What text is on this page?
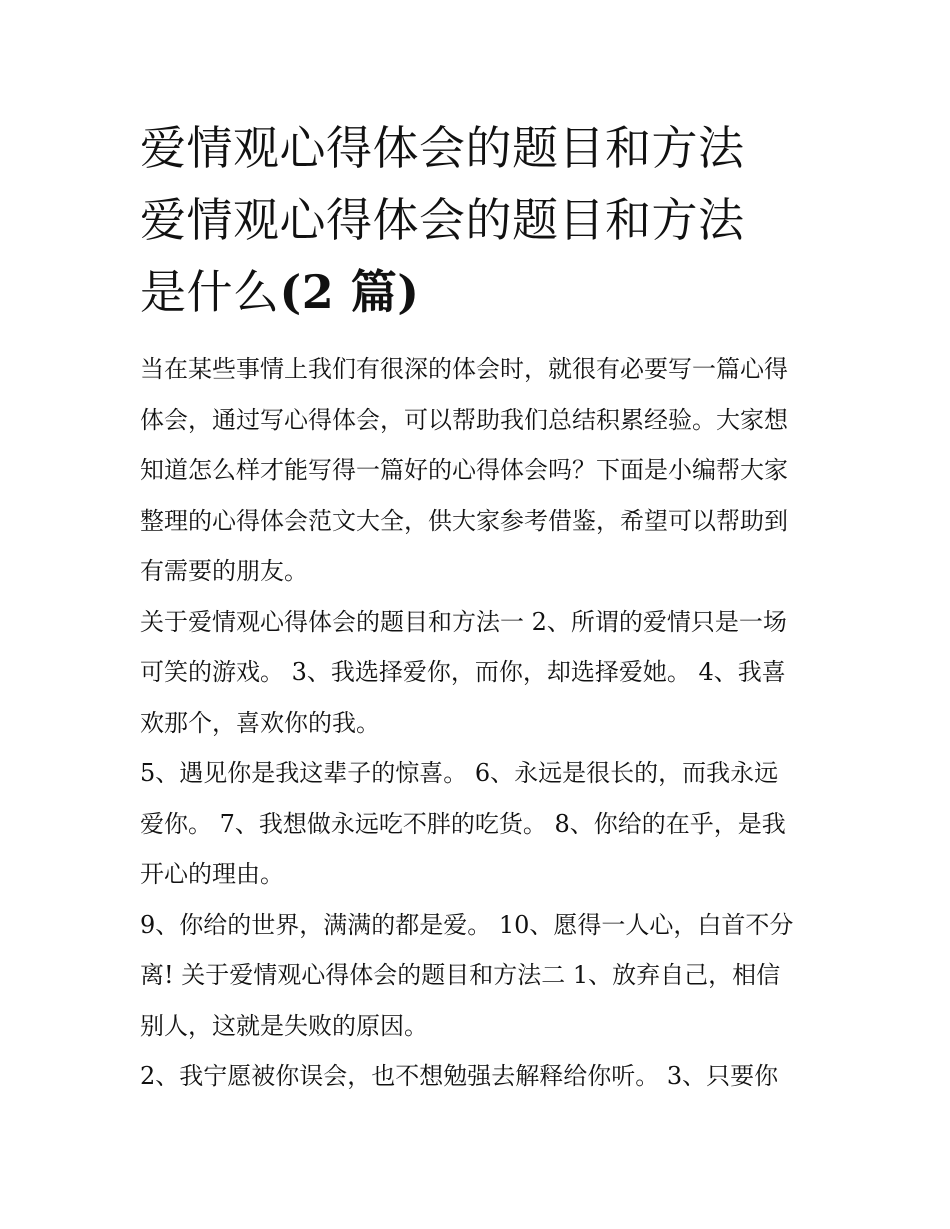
爱情观心得体会的题目和方法
爱情观心得体会的题目和方法
是什么(2 篇)

当在某些事情上我们有很深的体会时，就很有必要写一篇心得
体会，通过写心得体会，可以帮助我们总结积累经验。大家想
知道怎么样才能写得一篇好的心得体会吗？下面是小编帮大家
整理的心得体会范文大全，供大家参考借鉴，希望可以帮助到
有需要的朋友。

关于爱情观心得体会的题目和方法一 2、所谓的爱情只是一场
可笑的游戏。 3、我选择爱你，而你，却选择爱她。 4、我喜
欢那个，喜欢你的我。

5、遇见你是我这辈子的惊喜。 6、永远是很长的，而我永远
爱你。 7、我想做永远吃不胖的吃货。 8、你给的在乎，是我
开心的理由。

9、你给的世界，满满的都是爱。 10、愿得一人心，白首不分
离! 关于爱情观心得体会的题目和方法二 1、放弃自己，相信
别人，这就是失败的原因。

2、我宁愿被你误会，也不想勉强去解释给你听。 3、只要你
